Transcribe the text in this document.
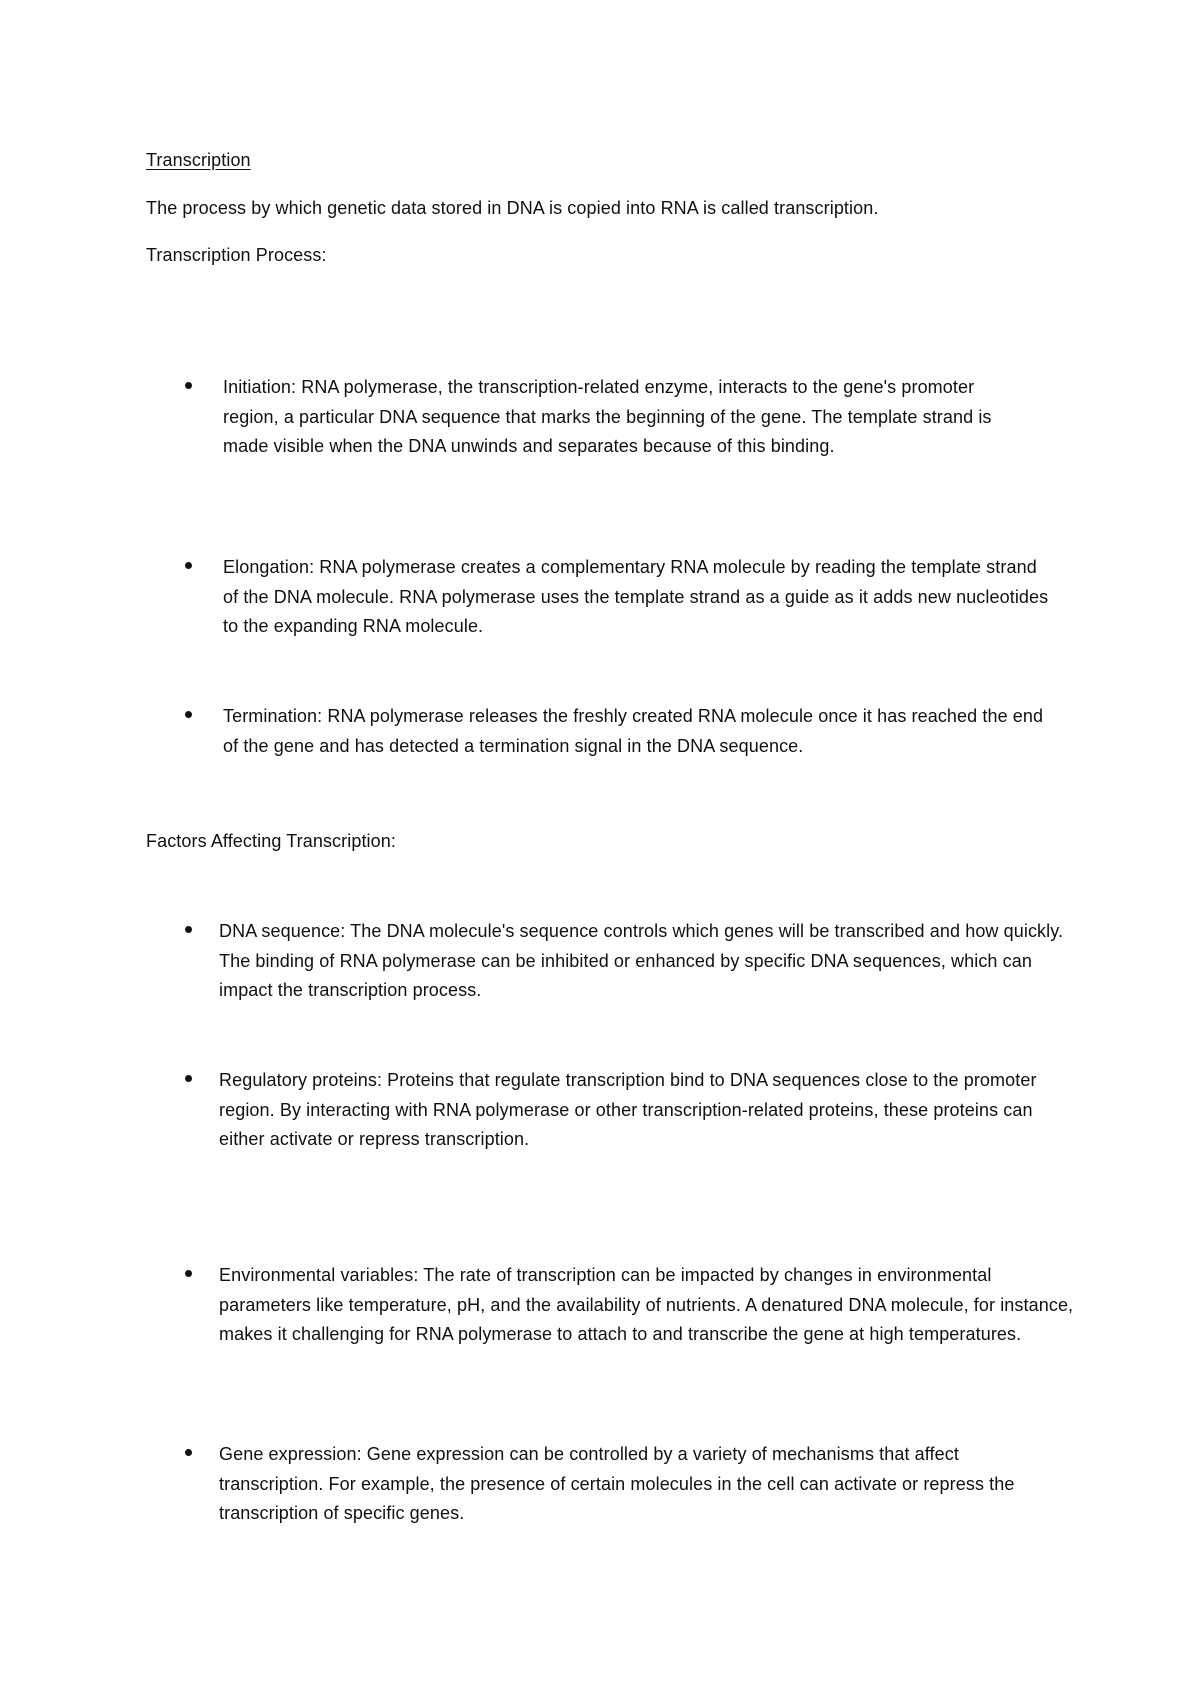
Transcription
The process by which genetic data stored in DNA is copied into RNA is called transcription.
Transcription Process:
Initiation: RNA polymerase, the transcription-related enzyme, interacts to the gene's promoter region, a particular DNA sequence that marks the beginning of the gene. The template strand is made visible when the DNA unwinds and separates because of this binding.
Elongation: RNA polymerase creates a complementary RNA molecule by reading the template strand of the DNA molecule. RNA polymerase uses the template strand as a guide as it adds new nucleotides to the expanding RNA molecule.
Termination: RNA polymerase releases the freshly created RNA molecule once it has reached the end of the gene and has detected a termination signal in the DNA sequence.
Factors Affecting Transcription:
DNA sequence: The DNA molecule's sequence controls which genes will be transcribed and how quickly. The binding of RNA polymerase can be inhibited or enhanced by specific DNA sequences, which can impact the transcription process.
Regulatory proteins: Proteins that regulate transcription bind to DNA sequences close to the promoter region. By interacting with RNA polymerase or other transcription-related proteins, these proteins can either activate or repress transcription.
Environmental variables: The rate of transcription can be impacted by changes in environmental parameters like temperature, pH, and the availability of nutrients. A denatured DNA molecule, for instance, makes it challenging for RNA polymerase to attach to and transcribe the gene at high temperatures.
Gene expression: Gene expression can be controlled by a variety of mechanisms that affect transcription. For example, the presence of certain molecules in the cell can activate or repress the transcription of specific genes.
